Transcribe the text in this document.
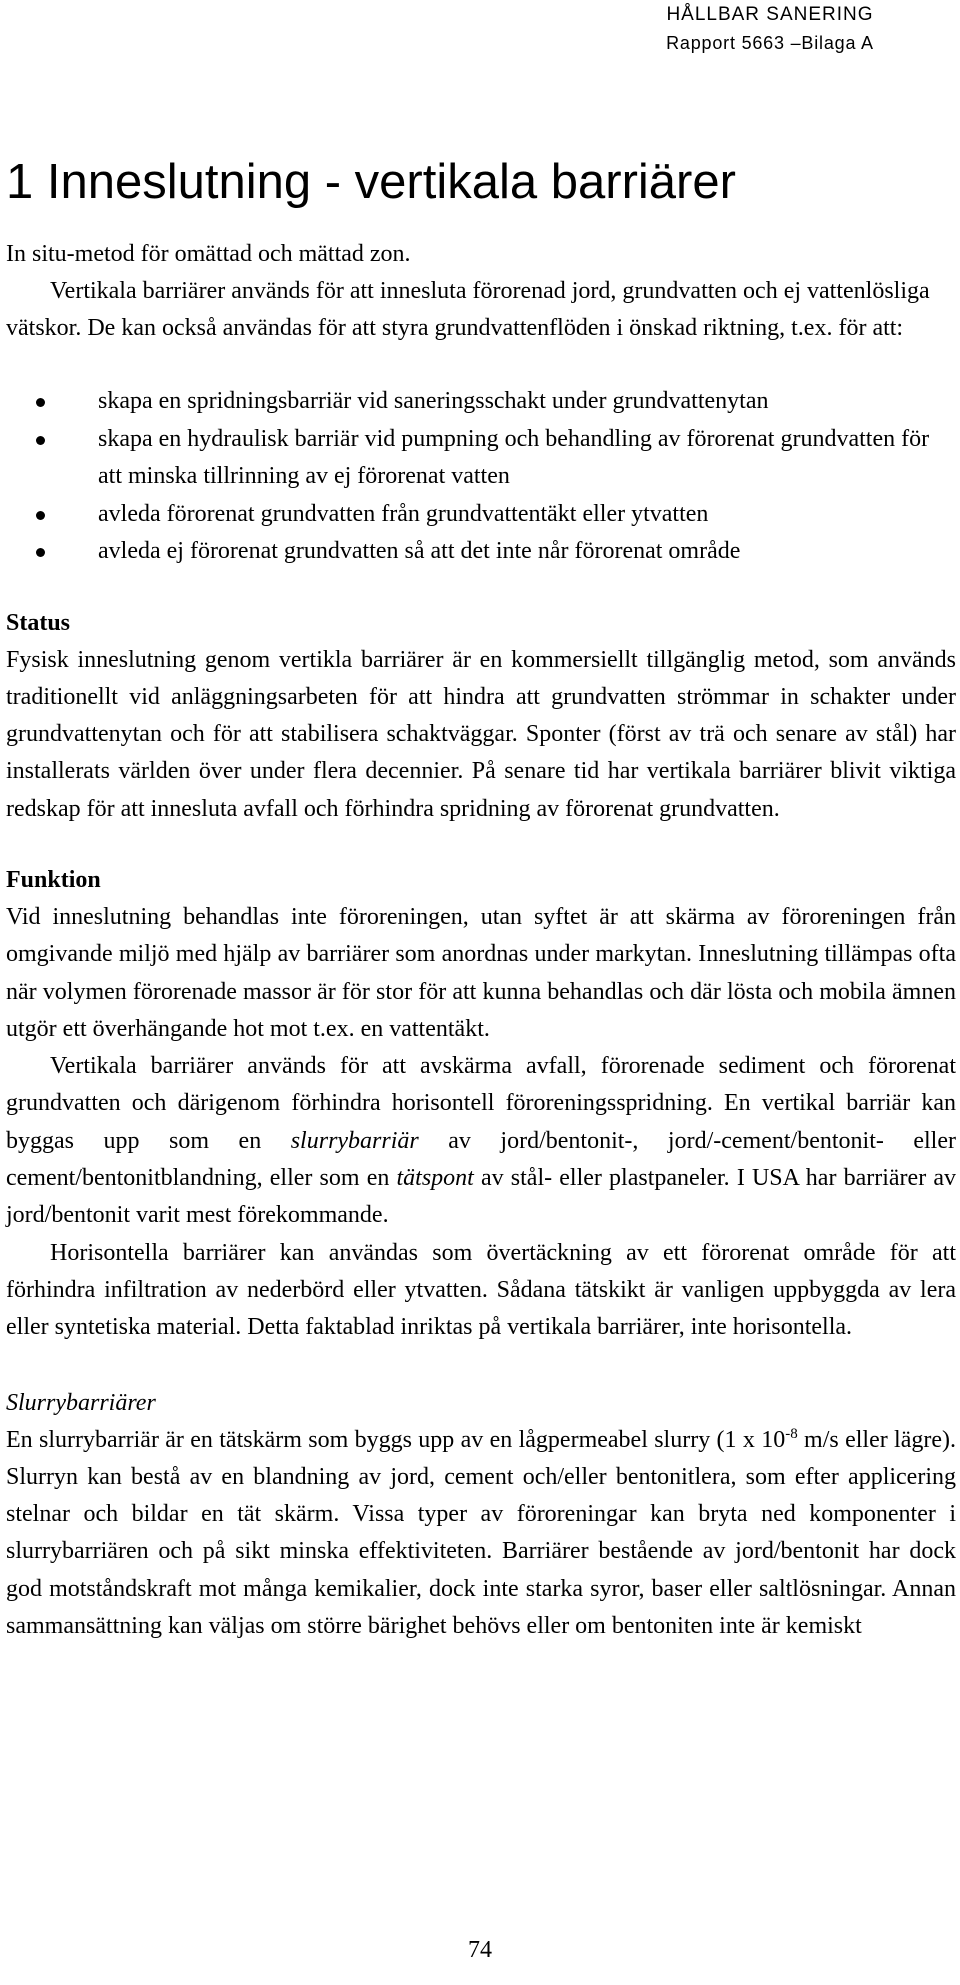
HÅLLBAR SANERING
Rapport 5663 –Bilaga A
1 Inneslutning - vertikala barriärer

In situ-metod för omättad och mättad zon.

Vertikala barriärer används för att innesluta förorenad jord, grundvatten och ej vattenlösliga vätskor. De kan också användas för att styra grundvattenflöden i önskad riktning, t.ex. för att:

skapa en spridningsbarriär vid saneringsschakt under grundvattenytan
skapa en hydraulisk barriär vid pumpning och behandling av förorenat grundvatten för att minska tillrinning av ej förorenat vatten
avleda förorenat grundvatten från grundvattentäkt eller ytvatten
avleda ej förorenat grundvatten så att det inte når förorenat område
Status

Fysisk inneslutning genom vertikla barriärer är en kommersiellt tillgänglig metod, som används traditionellt vid anläggningsarbeten för att hindra att grundvatten strömmar in schakter under grundvattenytan och för att stabilisera schaktväggar. Sponter (först av trä och senare av stål) har installerats världen över under flera decennier. På senare tid har vertikala barriärer blivit viktiga redskap för att innesluta avfall och förhindra spridning av förorenat grundvatten.

Funktion

Vid inneslutning behandlas inte föroreningen, utan syftet är att skärma av föroreningen från omgivande miljö med hjälp av barriärer som anordnas under markytan. Inneslutning tillämpas ofta när volymen förorenade massor är för stor för att kunna behandlas och där lösta och mobila ämnen utgör ett överhängande hot mot t.ex. en vattentäkt.

Vertikala barriärer används för att avskärma avfall, förorenade sediment och förorenat grundvatten och därigenom förhindra horisontell föroreningsspridning. En vertikal barriär kan byggas upp som en slurrybarriär av jord/bentonit-, jord/-cement/bentonit- eller cement/bentonitblandning, eller som en tätspont av stål- eller plastpaneler. I USA har barriärer av jord/bentonit varit mest förekommande.

Horisontella barriärer kan användas som övertäckning av ett förorenat område för att förhindra infiltration av nederbörd eller ytvatten. Sådana tätskikt är vanligen uppbyggda av lera eller syntetiska material. Detta faktablad inriktas på vertikala barriärer, inte horisontella.

Slurrybarriärer

En slurrybarriär är en tätskärm som byggs upp av en lågpermeabel slurry (1 x $10^{-8}$ m/s eller lägre). Slurryn kan bestå av en blandning av jord, cement och/eller bentonitlera, som efter applicering stelnar och bildar en tät skärm. Vissa typer av föroreningar kan bryta ned komponenter i slurrybarriären och på sikt minska effektiviteten. Barriärer bestående av jord/bentonit har dock god motståndskraft mot många kemikalier, dock inte starka syror, baser eller saltlösningar. Annan sammansättning kan väljas om större bärighet behövs eller om bentoniten inte är kemiskt

74
